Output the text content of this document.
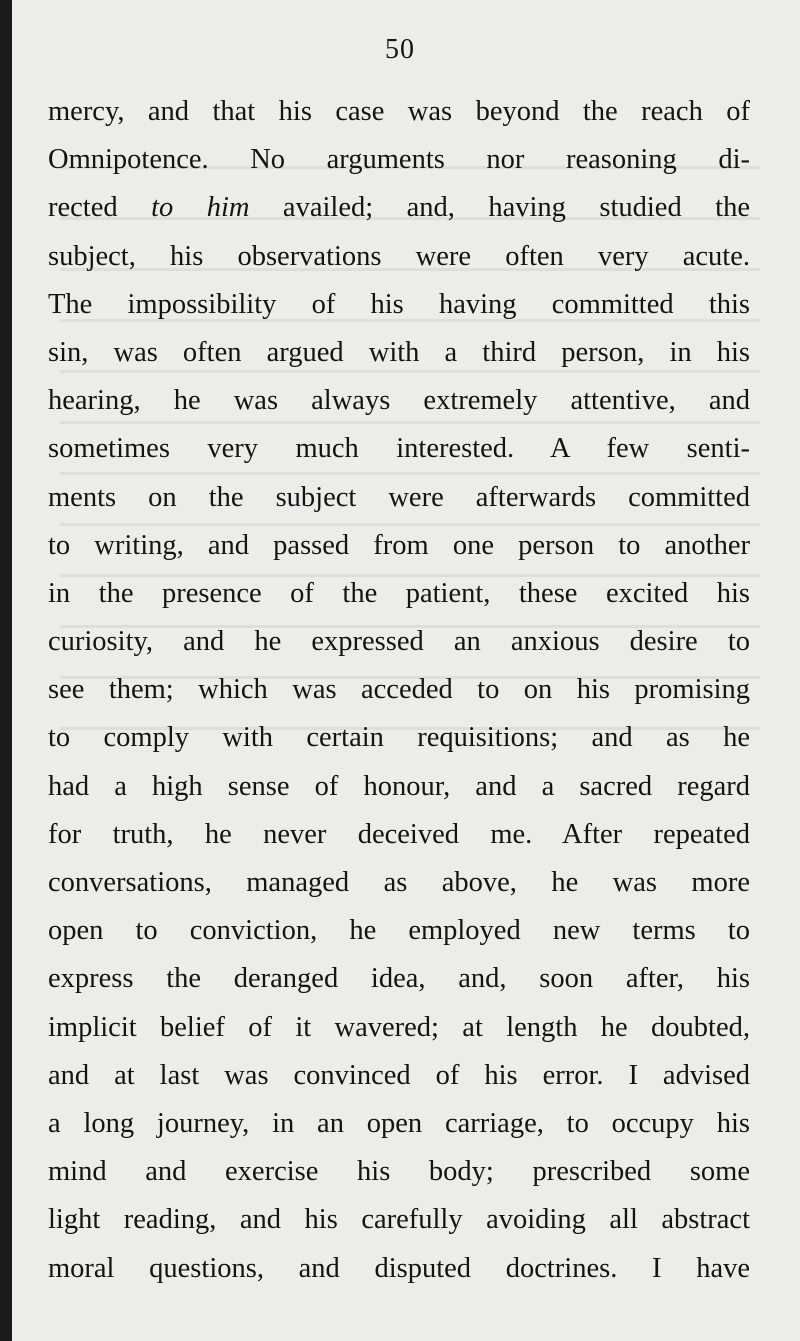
50
mercy, and that his case was beyond the reach of
Omnipotence. No arguments nor reasoning di-
rected to him availed; and, having studied the
subject, his observations were often very acute.
The impossibility of his having committed this
sin, was often argued with a third person, in his
hearing, he was always extremely attentive, and
sometimes very much interested. A few senti-
ments on the subject were afterwards committed
to writing, and passed from one person to another
in the presence of the patient, these excited his
curiosity, and he expressed an anxious desire to
see them; which was acceded to on his promising
to comply with certain requisitions; and as he
had a high sense of honour, and a sacred regard
for truth, he never deceived me. After repeated
conversations, managed as above, he was more
open to conviction, he employed new terms to
express the deranged idea, and, soon after, his
implicit belief of it wavered; at length he doubted,
and at last was convinced of his error. I advised
a long journey, in an open carriage, to occupy his
mind and exercise his body; prescribed some
light reading, and his carefully avoiding all abstract
moral questions, and disputed doctrines. I have
